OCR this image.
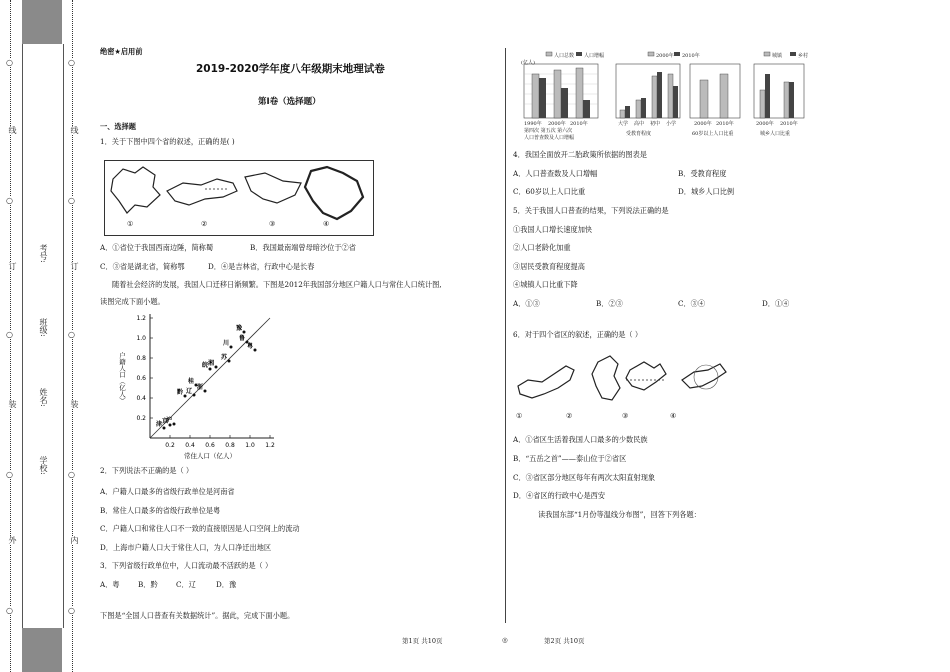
线
订
装
外
○
○
○
○
○
线
订
装
内
○
○
○
○
○
考号:
班级:
姓名:
学校:
绝密★启用前
2019-2020学年度八年级期末地理试卷
第I卷（选择题）
一、选择题
1．关于下图中四个省的叙述，正确的是( )
①	②	③	④
A．①省位于我国西南边陲，简称蜀	B．我国最南端曾母暗沙位于②省
C．③省是湖北省，简称鄂	D．④是吉林省，行政中心是长春
随着社会经济的发展，我国人口迁移日渐频繁。下图是2012年我国部分地区户籍人口与常住人口统计图,
读图完成下面小题。
0.2 0.4 0.6 0.8 1.0 1.2
0.2
0.4
0.6
0.8
1.0
1.2
常住人口（亿人）
户籍人口（亿人）
豫
鲁
粤
川
湘
皖
苏
桂
黔 辽
浙
京
沪
津
2．下列说法不正确的是（ ）
A．户籍人口最多的省级行政单位是河南省
B．常住人口最多的省级行政单位是粤
C．户籍人口和常住人口不一致的直接原因是人口空间上的流动
D．上海市户籍人口大于常住人口，为人口净迁出地区
3．下列省级行政单位中，人口流动最不活跃的是（ ）
A．粤	B．黔	C．辽	D．豫
下图是“全国人口普查有关数据统计”。据此，完成下面小题。
人口总数 人口增幅
(亿人)
1990年 2000年 2010年
第四次 第五次 第六次
人口普查数及人口增幅
2000年 2010年
大学 高中 初中 小学
受教育程度
2000年 2010年
60岁以上人口比重
城镇	乡村
2000年 2010年
城乡人口比重
4．我国全面放开二胎政策所依据的图表是
A．人口普查数及人口增幅	B．受教育程度
C．60岁以上人口比重	D．城乡人口比例
5．关于我国人口普查的结果，下列说法正确的是
①我国人口增长速度加快
②人口老龄化加重
③居民受教育程度提高
④城镇人口比重下降
A．①③	B．②③	C．③④	D．①④
6．对于四个省区的叙述，正确的是（ ）
①	②	③	④
A．①省区生活着我国人口最多的少数民族
B．“五岳之首”——泰山位于②省区
C．③省区部分地区每年有两次太阳直射现象
D．④省区的行政中心是西安
读我国东部“1月份等温线分布图”，回答下列各题：
第1页 共10页	◎	第2页 共10页
